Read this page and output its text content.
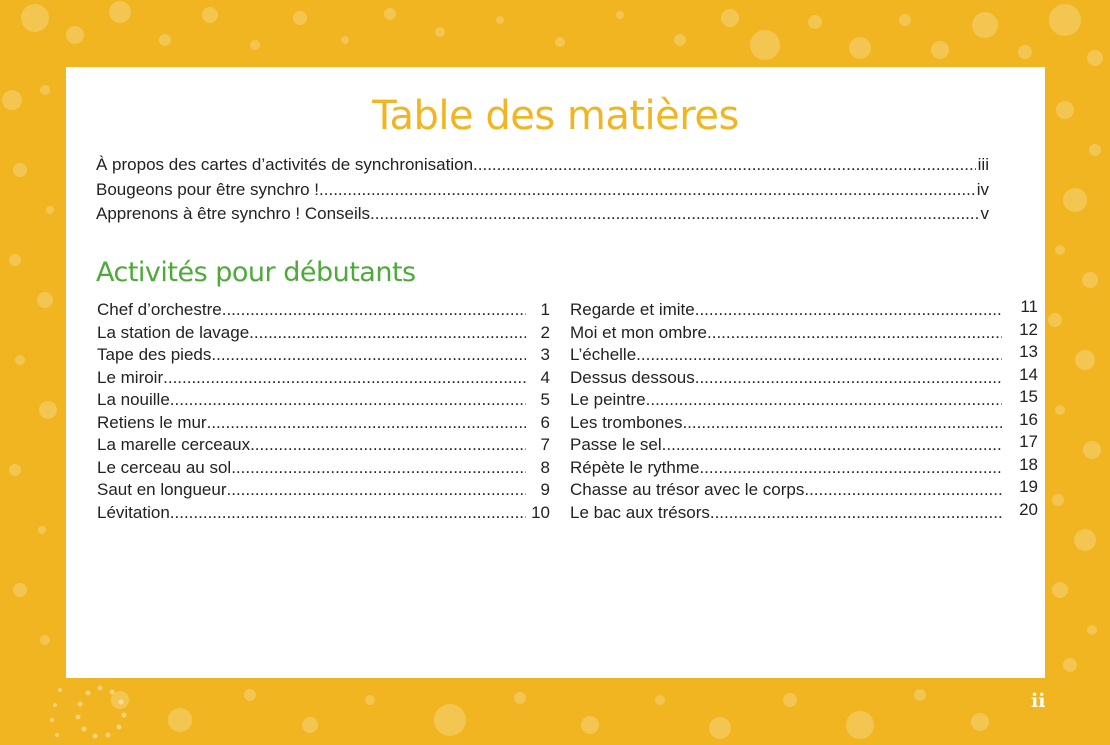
Table des matières
À propos des cartes d’activités de synchronisation .....	iii
Bougeons pour être synchro ! .....	iv
Apprenons à être synchro ! Conseils .....	v
Activités pour débutants
Chef d’orchestre .....	1
La station de lavage .....	2
Tape des pieds .....	3
Le miroir .....	4
La nouille .....	5
Retiens le mur .....	6
La marelle cerceaux .....	7
Le cerceau au sol .....	8
Saut en longueur .....	9
Lévitation .....	10
Regarde et imite .....	11
Moi et mon ombre .....	12
L’échelle .....	13
Dessus dessous .....	14
Le peintre .....	15
Les trombones .....	16
Passe le sel .....	17
Répète le rythme .....	18
Chasse au trésor avec le corps .....	19
Le bac aux trésors .....	20
ii
